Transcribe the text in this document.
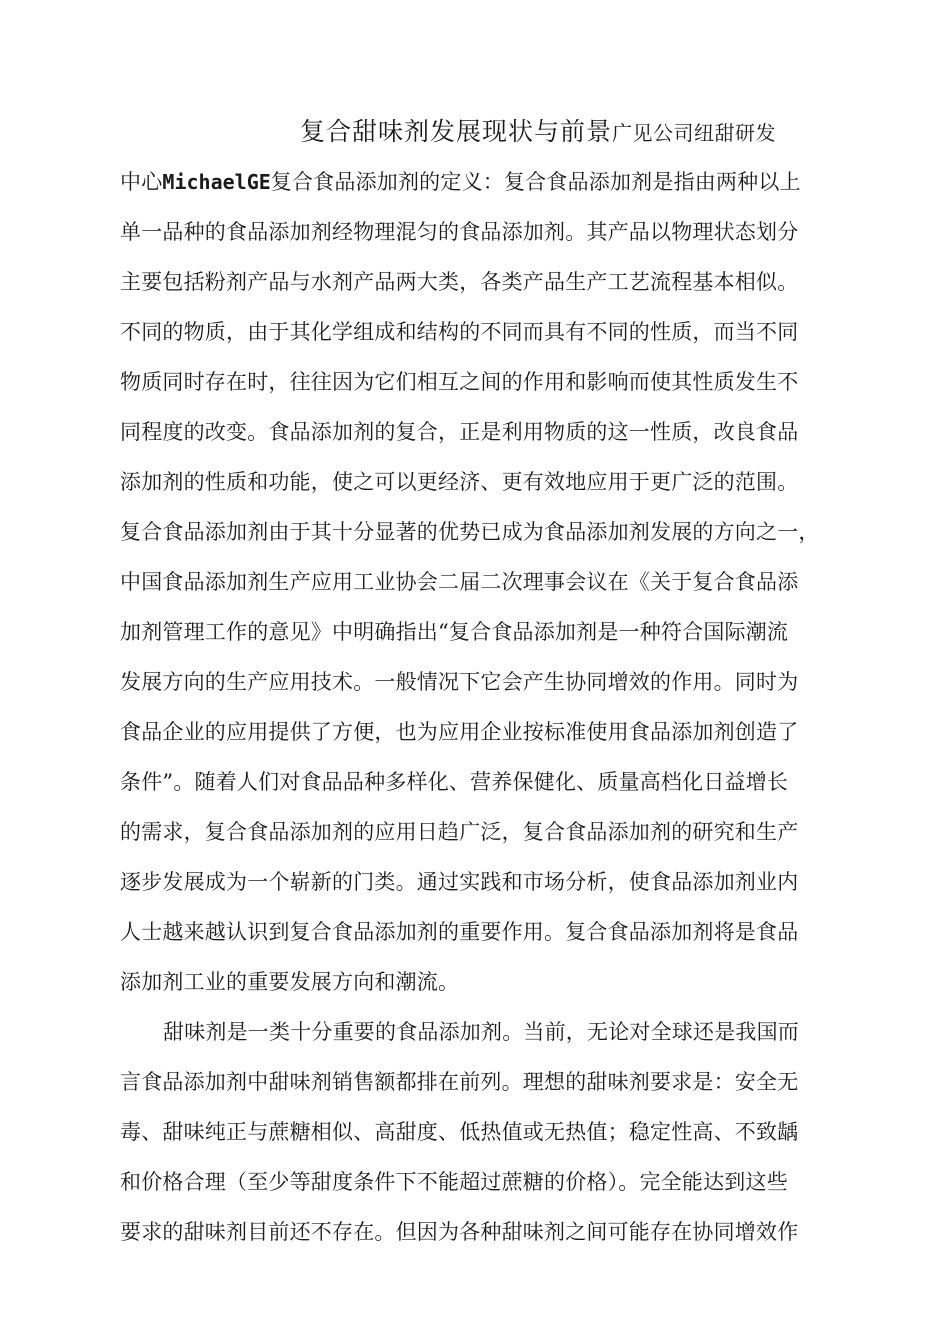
复合甜味剂发展现状与前景广见公司纽甜研发
中心MichaelGE复合食品添加剂的定义：复合食品添加剂是指由两种以上
单一品种的食品添加剂经物理混匀的食品添加剂。其产品以物理状态划分
主要包括粉剂产品与水剂产品两大类，各类产品生产工艺流程基本相似。
不同的物质，由于其化学组成和结构的不同而具有不同的性质，而当不同
物质同时存在时，往往因为它们相互之间的作用和影响而使其性质发生不
同程度的改变。食品添加剂的复合，正是利用物质的这一性质，改良食品
添加剂的性质和功能，使之可以更经济、更有效地应用于更广泛的范围。
复合食品添加剂由于其十分显著的优势已成为食品添加剂发展的方向之一，
中国食品添加剂生产应用工业协会二届二次理事会议在《关于复合食品添
加剂管理工作的意见》中明确指出“复合食品添加剂是一种符合国际潮流
发展方向的生产应用技术。一般情况下它会产生协同增效的作用。同时为
食品企业的应用提供了方便，也为应用企业按标准使用食品添加剂创造了
条件”。随着人们对食品品种多样化、营养保健化、质量高档化日益增长
的需求，复合食品添加剂的应用日趋广泛，复合食品添加剂的研究和生产
逐步发展成为一个崭新的门类。通过实践和市场分析，使食品添加剂业内
人士越来越认识到复合食品添加剂的重要作用。复合食品添加剂将是食品
添加剂工业的重要发展方向和潮流。
甜味剂是一类十分重要的食品添加剂。当前，无论对全球还是我国而
言食品添加剂中甜味剂销售额都排在前列。理想的甜味剂要求是：安全无
毒、甜味纯正与蔗糖相似、高甜度、低热值或无热值；稳定性高、不致龋
和价格合理（至少等甜度条件下不能超过蔗糖的价格）。完全能达到这些
要求的甜味剂目前还不存在。但因为各种甜味剂之间可能存在协同增效作
